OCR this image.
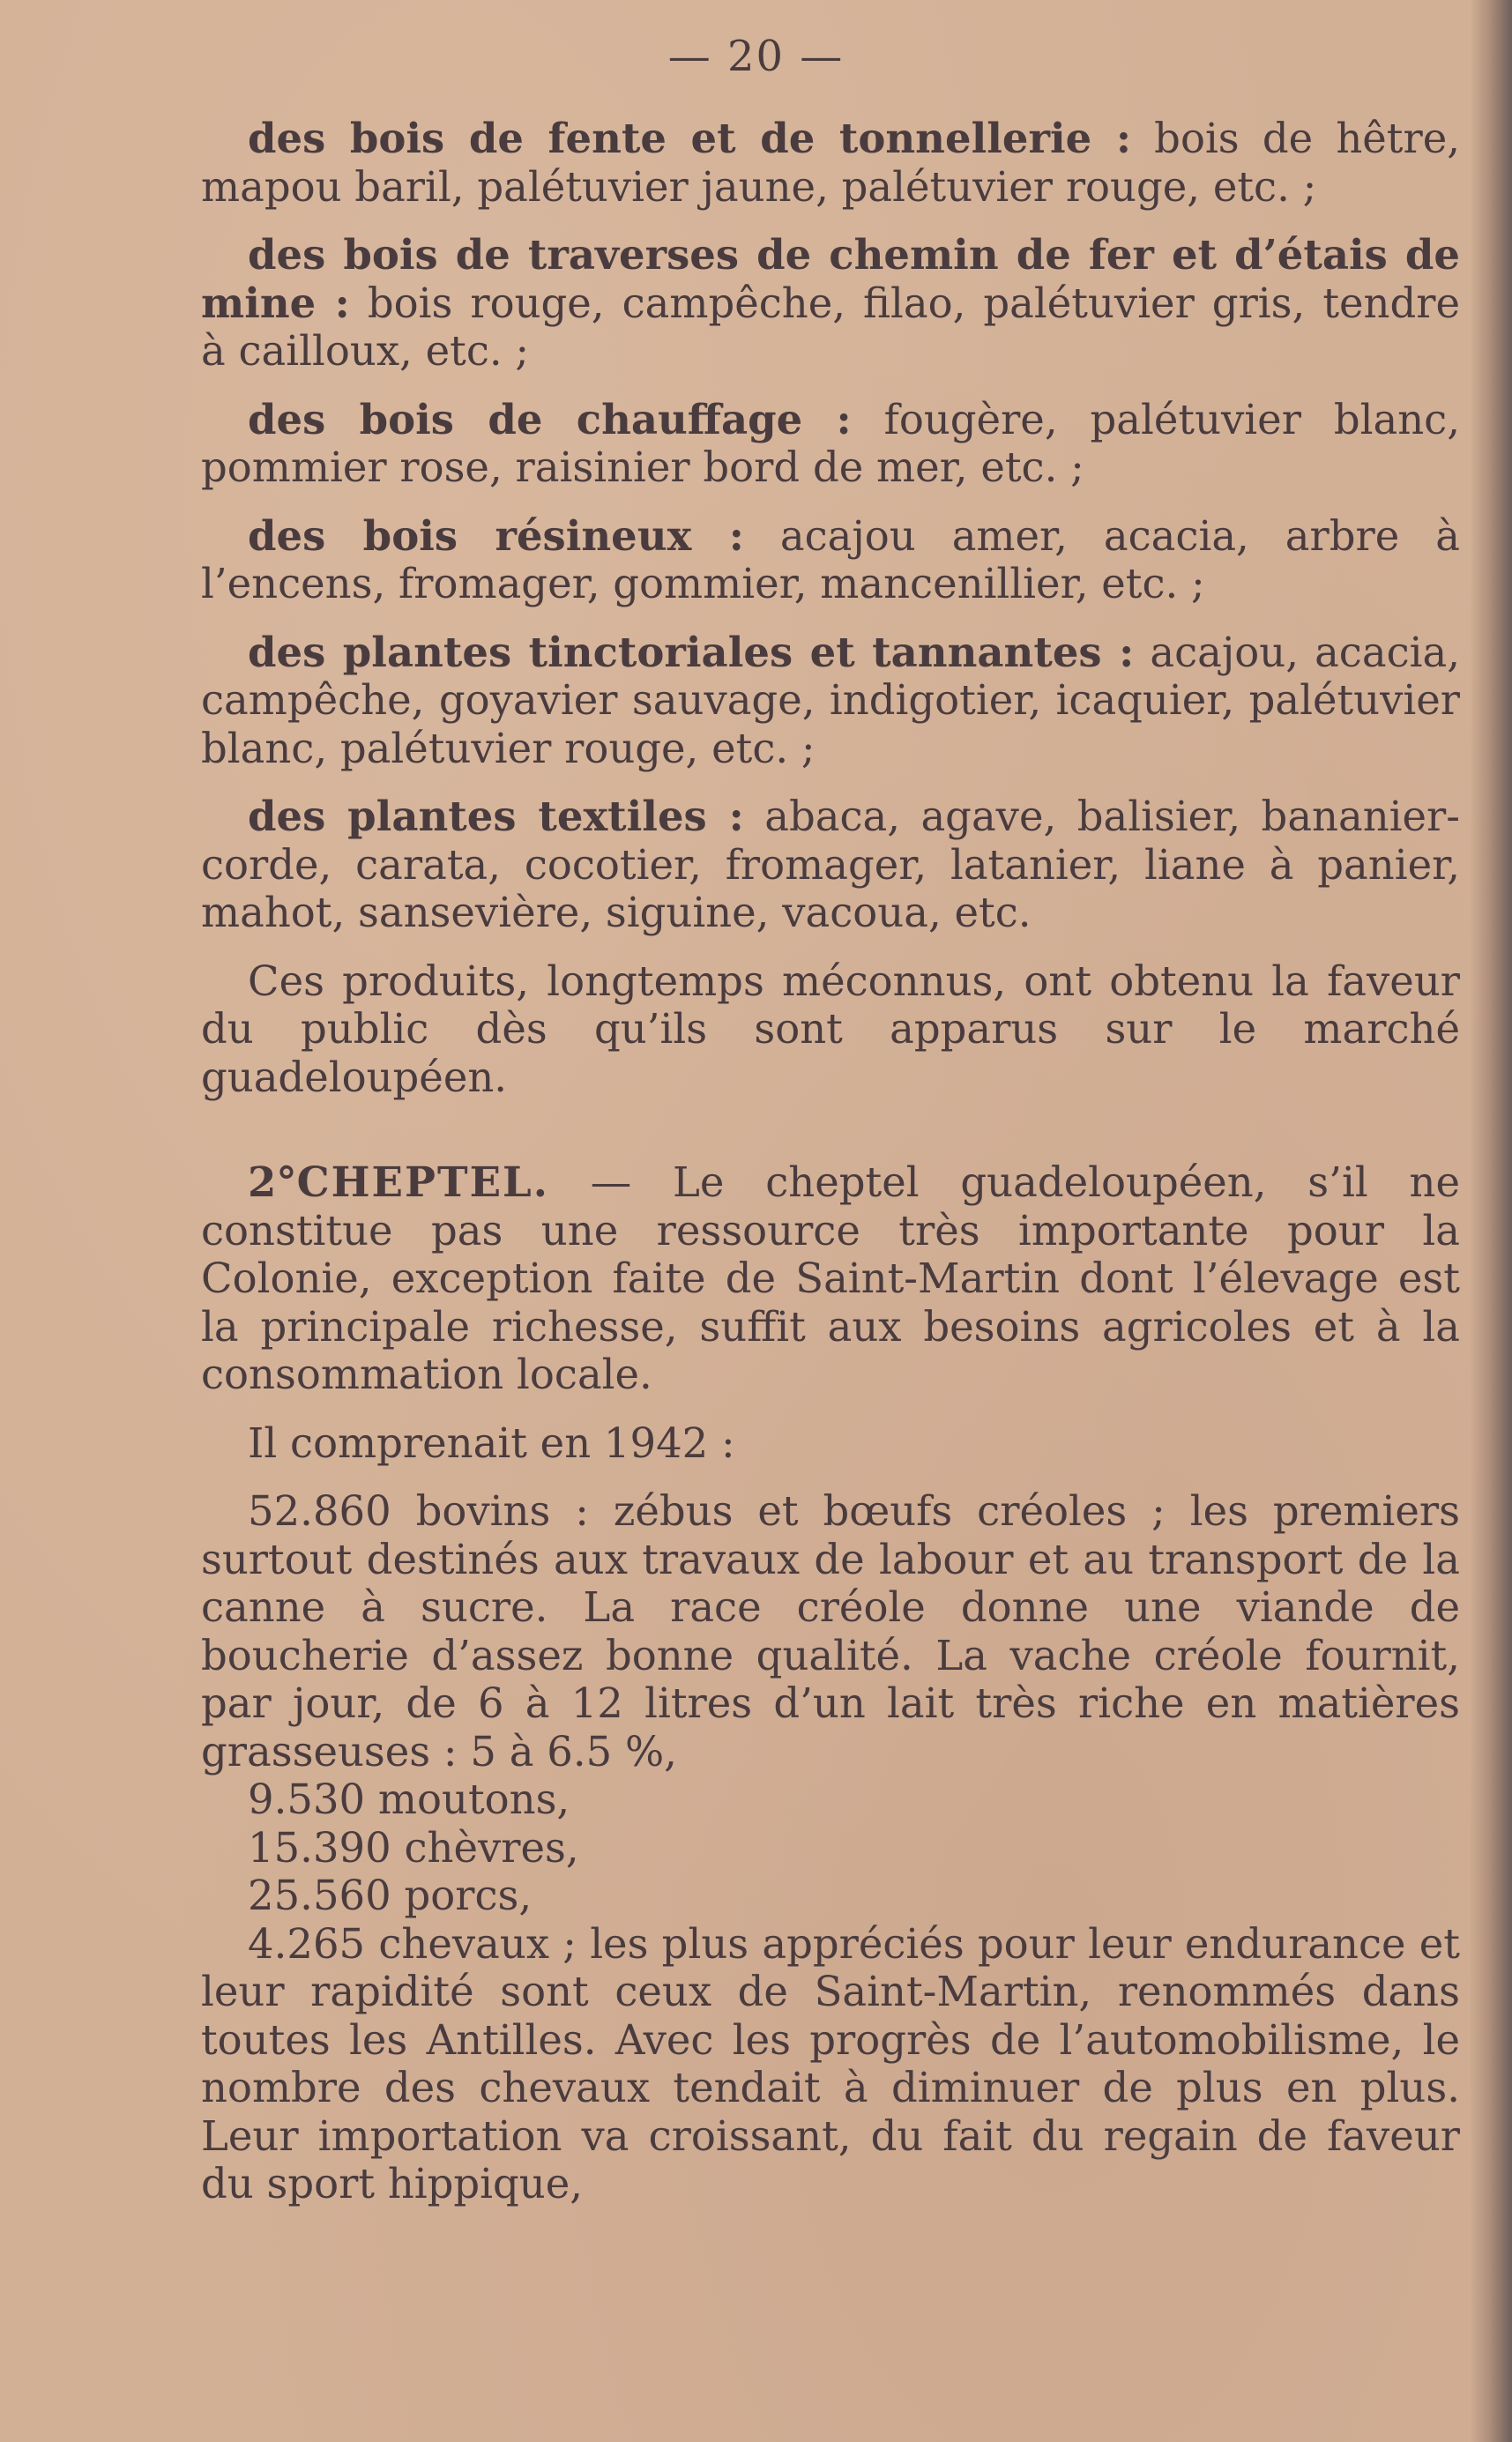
— 20 —

des bois de fente et de tonnellerie : bois de hêtre, mapou baril, palétuvier jaune, palétuvier rouge, etc. ;

des bois de traverses de chemin de fer et d’étais de mine : bois rouge, campêche, filao, palétuvier gris, tendre à cailloux, etc. ;

des bois de chauffage : fougère, palétuvier blanc, pommier rose, raisinier bord de mer, etc. ;

des bois résineux : acajou amer, acacia, arbre à l’encens, fromager, gommier, mancenillier, etc. ;

des plantes tinctoriales et tannantes : acajou, acacia, campêche, goyavier sauvage, indigotier, icaquier, palétuvier blanc, palétuvier rouge, etc. ;

des plantes textiles : abaca, agave, balisier, bananier-corde, carata, cocotier, fromager, latanier, liane à panier, mahot, sansevière, siguine, vacoua, etc.

Ces produits, longtemps méconnus, ont obtenu la faveur du public dès qu’ils sont apparus sur le marché guadeloupéen.

2°CHEPTEL. — Le cheptel guadeloupéen, s’il ne constitue pas une ressource très importante pour la Colonie, exception faite de Saint-Martin dont l’élevage est la principale richesse, suffit aux besoins agricoles et à la consommation locale.

Il comprenait en 1942 :

52.860 bovins : zébus et bœufs créoles ; les premiers surtout destinés aux travaux de labour et au transport de la canne à sucre. La race créole donne une viande de boucherie d’assez bonne qualité. La vache créole fournit, par jour, de 6 à 12 litres d’un lait très riche en matières grasseuses : 5 à 6.5 %,

9.530 moutons,

15.390 chèvres,

25.560 porcs,

4.265 chevaux ; les plus appréciés pour leur endurance et leur rapidité sont ceux de Saint-Martin, renommés dans toutes les Antilles. Avec les progrès de l’automobilisme, le nombre des chevaux tendait à diminuer de plus en plus. Leur importation va croissant, du fait du regain de faveur du sport hippique,
